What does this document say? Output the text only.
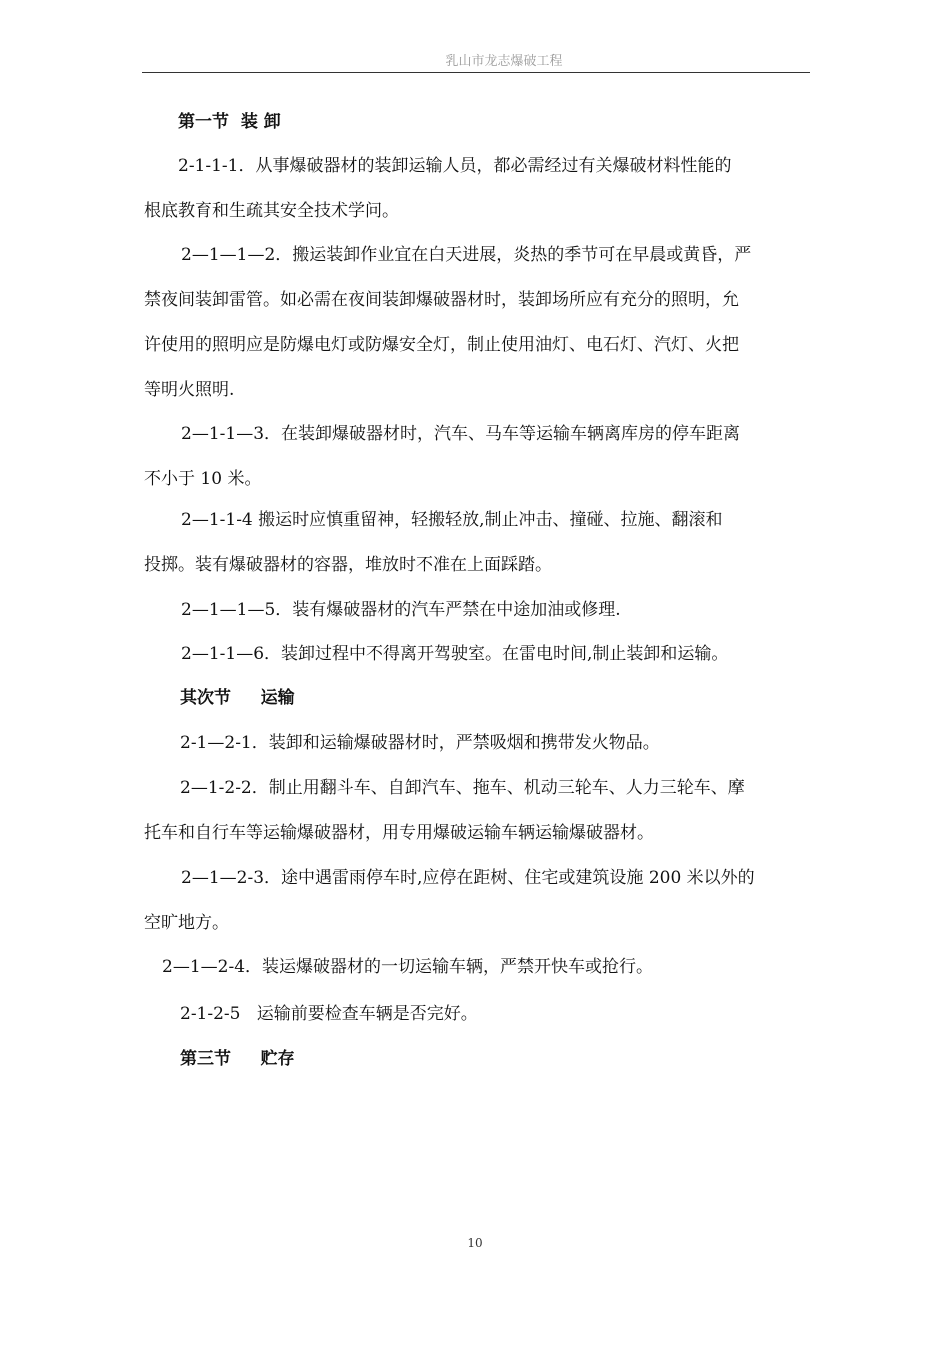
乳山市龙志爆破工程
第一节  装 卸
2-1-1-1．从事爆破器材的装卸运输人员，都必需经过有关爆破材料性能的
根底教育和生疏其安全技术学问。
2—1—1—2．搬运装卸作业宜在白天进展，炎热的季节可在早晨或黄昏，严
禁夜间装卸雷管。如必需在夜间装卸爆破器材时，装卸场所应有充分的照明，允
许使用的照明应是防爆电灯或防爆安全灯，制止使用油灯、电石灯、汽灯、火把
等明火照明.
2—1-1—3．在装卸爆破器材时，汽车、马车等运输车辆离库房的停车距离
不小于 10 米。
2—1-1-4 搬运时应慎重留神，轻搬轻放,制止冲击、撞碰、拉施、翻滚和
投掷。装有爆破器材的容器，堆放时不准在上面踩踏。
2—1—1—5．装有爆破器材的汽车严禁在中途加油或修理.
2—1-1—6．装卸过程中不得离开驾驶室。在雷电时间,制止装卸和运输。
其次节     运输
2-1—2-1．装卸和运输爆破器材时，严禁吸烟和携带发火物品。
2—1-2-2．制止用翻斗车、自卸汽车、拖车、机动三轮车、人力三轮车、摩
托车和自行车等运输爆破器材，用专用爆破运输车辆运输爆破器材。
2—1—2-3．途中遇雷雨停车时,应停在距树、住宅或建筑设施 200 米以外的
空旷地方。
2—1—2-4．装运爆破器材的一切运输车辆，严禁开快车或抢行。
2-1-2-5   运输前要检查车辆是否完好。
第三节     贮存
10
